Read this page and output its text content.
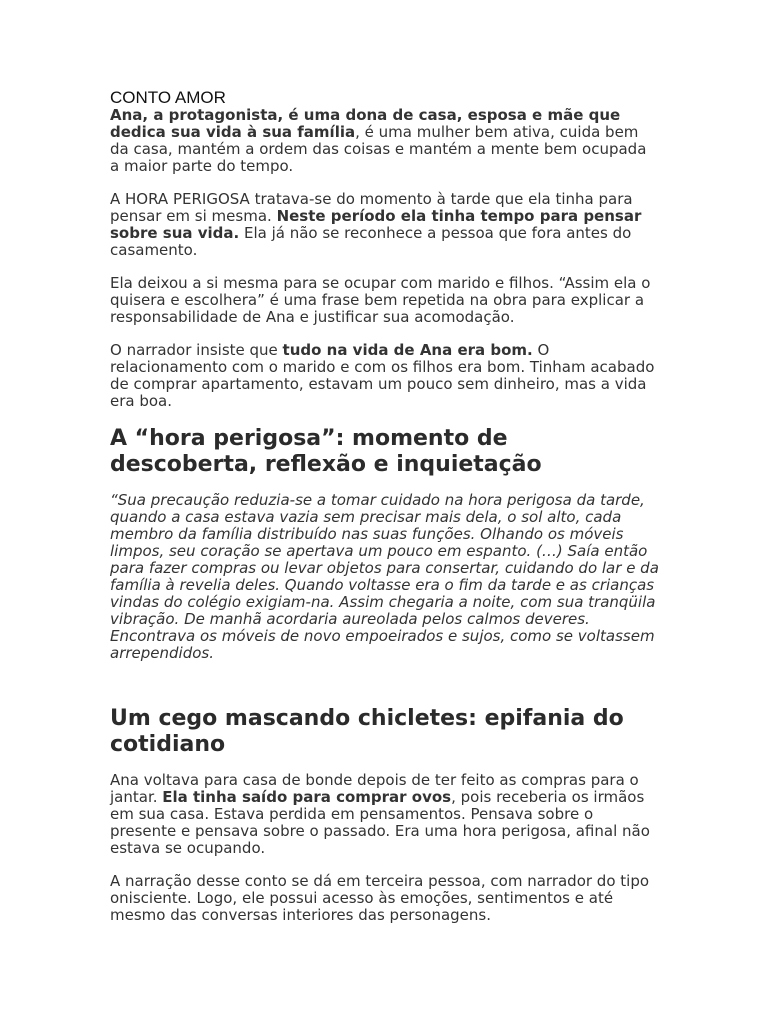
CONTO AMOR

Ana, a protagonista, é uma dona de casa, esposa e mãe que dedica sua vida à sua família, é uma mulher bem ativa, cuida bem da casa, mantém a ordem das coisas e mantém a mente bem ocupada a maior parte do tempo.

A HORA PERIGOSA tratava-se do momento à tarde que ela tinha para pensar em si mesma. Neste período ela tinha tempo para pensar sobre sua vida. Ela já não se reconhece a pessoa que fora antes do casamento.

Ela deixou a si mesma para se ocupar com marido e filhos. “Assim ela o quisera e escolhera” é uma frase bem repetida na obra para explicar a responsabilidade de Ana e justificar sua acomodação.

O narrador insiste que tudo na vida de Ana era bom. O relacionamento com o marido e com os filhos era bom. Tinham acabado de comprar apartamento, estavam um pouco sem dinheiro, mas a vida era boa.

A “hora perigosa”: momento de descoberta, reflexão e inquietação

“Sua precaução reduzia-se a tomar cuidado na hora perigosa da tarde, quando a casa estava vazia sem precisar mais dela, o sol alto, cada membro da família distribuído nas suas funções. Olhando os móveis limpos, seu coração se apertava um pouco em espanto. (…) Saía então para fazer compras ou levar objetos para consertar, cuidando do lar e da família à revelia deles. Quando voltasse era o fim da tarde e as crianças vindas do colégio exigiam-na. Assim chegaria a noite, com sua tranqüila vibração. De manhã acordaria aureolada pelos calmos deveres. Encontrava os móveis de novo empoeirados e sujos, como se voltassem arrependidos.

Um cego mascando chicletes: epifania do cotidiano

Ana voltava para casa de bonde depois de ter feito as compras para o jantar. Ela tinha saído para comprar ovos, pois receberia os irmãos em sua casa. Estava perdida em pensamentos. Pensava sobre o presente e pensava sobre o passado. Era uma hora perigosa, afinal não estava se ocupando.

A narração desse conto se dá em terceira pessoa, com narrador do tipo onisciente. Logo, ele possui acesso às emoções, sentimentos e até mesmo das conversas interiores das personagens.
